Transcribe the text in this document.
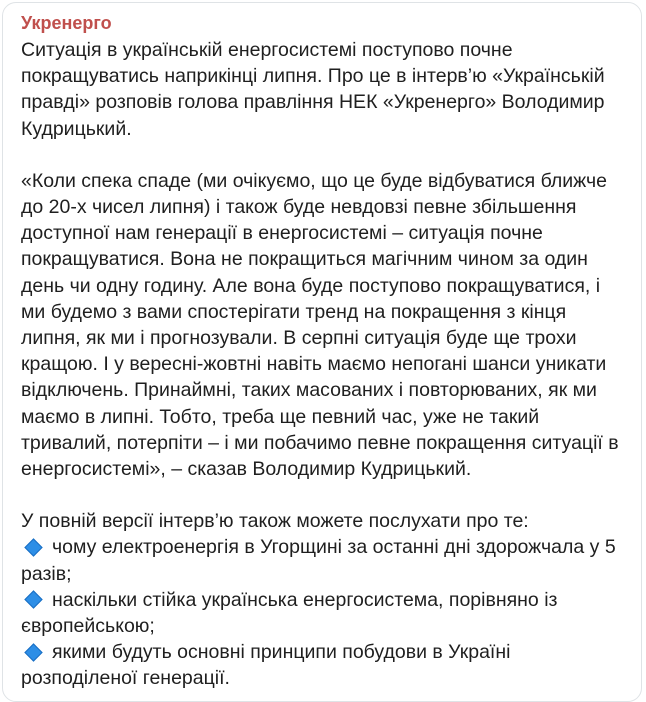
Укренерго

Ситуація в українській енергосистемі поступово почне покращуватись наприкінці липня. Про це в інтерв’ю «Українській правді» розповів голова правління НЕК «Укренерго» Володимир Кудрицький.

«Коли спека спаде (ми очікуємо, що це буде відбуватися ближче до 20-х чисел липня) і також буде невдовзі певне збільшення доступної нам генерації в енергосистемі – ситуація почне покращуватися. Вона не покращиться магічним чином за один день чи одну годину. Але вона буде поступово покращуватися, і ми будемо з вами спостерігати тренд на покращення з кінця липня, як ми і прогнозували. В серпні ситуація буде ще трохи кращою. І у вересні-жовтні навіть маємо непогані шанси уникати відключень. Принаймні, таких масованих і повторюваних, як ми маємо в липні. Тобто, треба ще певний час, уже не такий тривалий, потерпіти – і ми побачимо певне покращення ситуації в енергосистемі», – сказав Володимир Кудрицький.

У повній версії інтерв’ю також можете послухати про те:

чому електроенергія в Угорщині за останні дні здорожчала у 5 разів;
наскільки стійка українська енергосистема, порівняно із європейською;
якими будуть основні принципи побудови в Україні розподіленої генерації.
